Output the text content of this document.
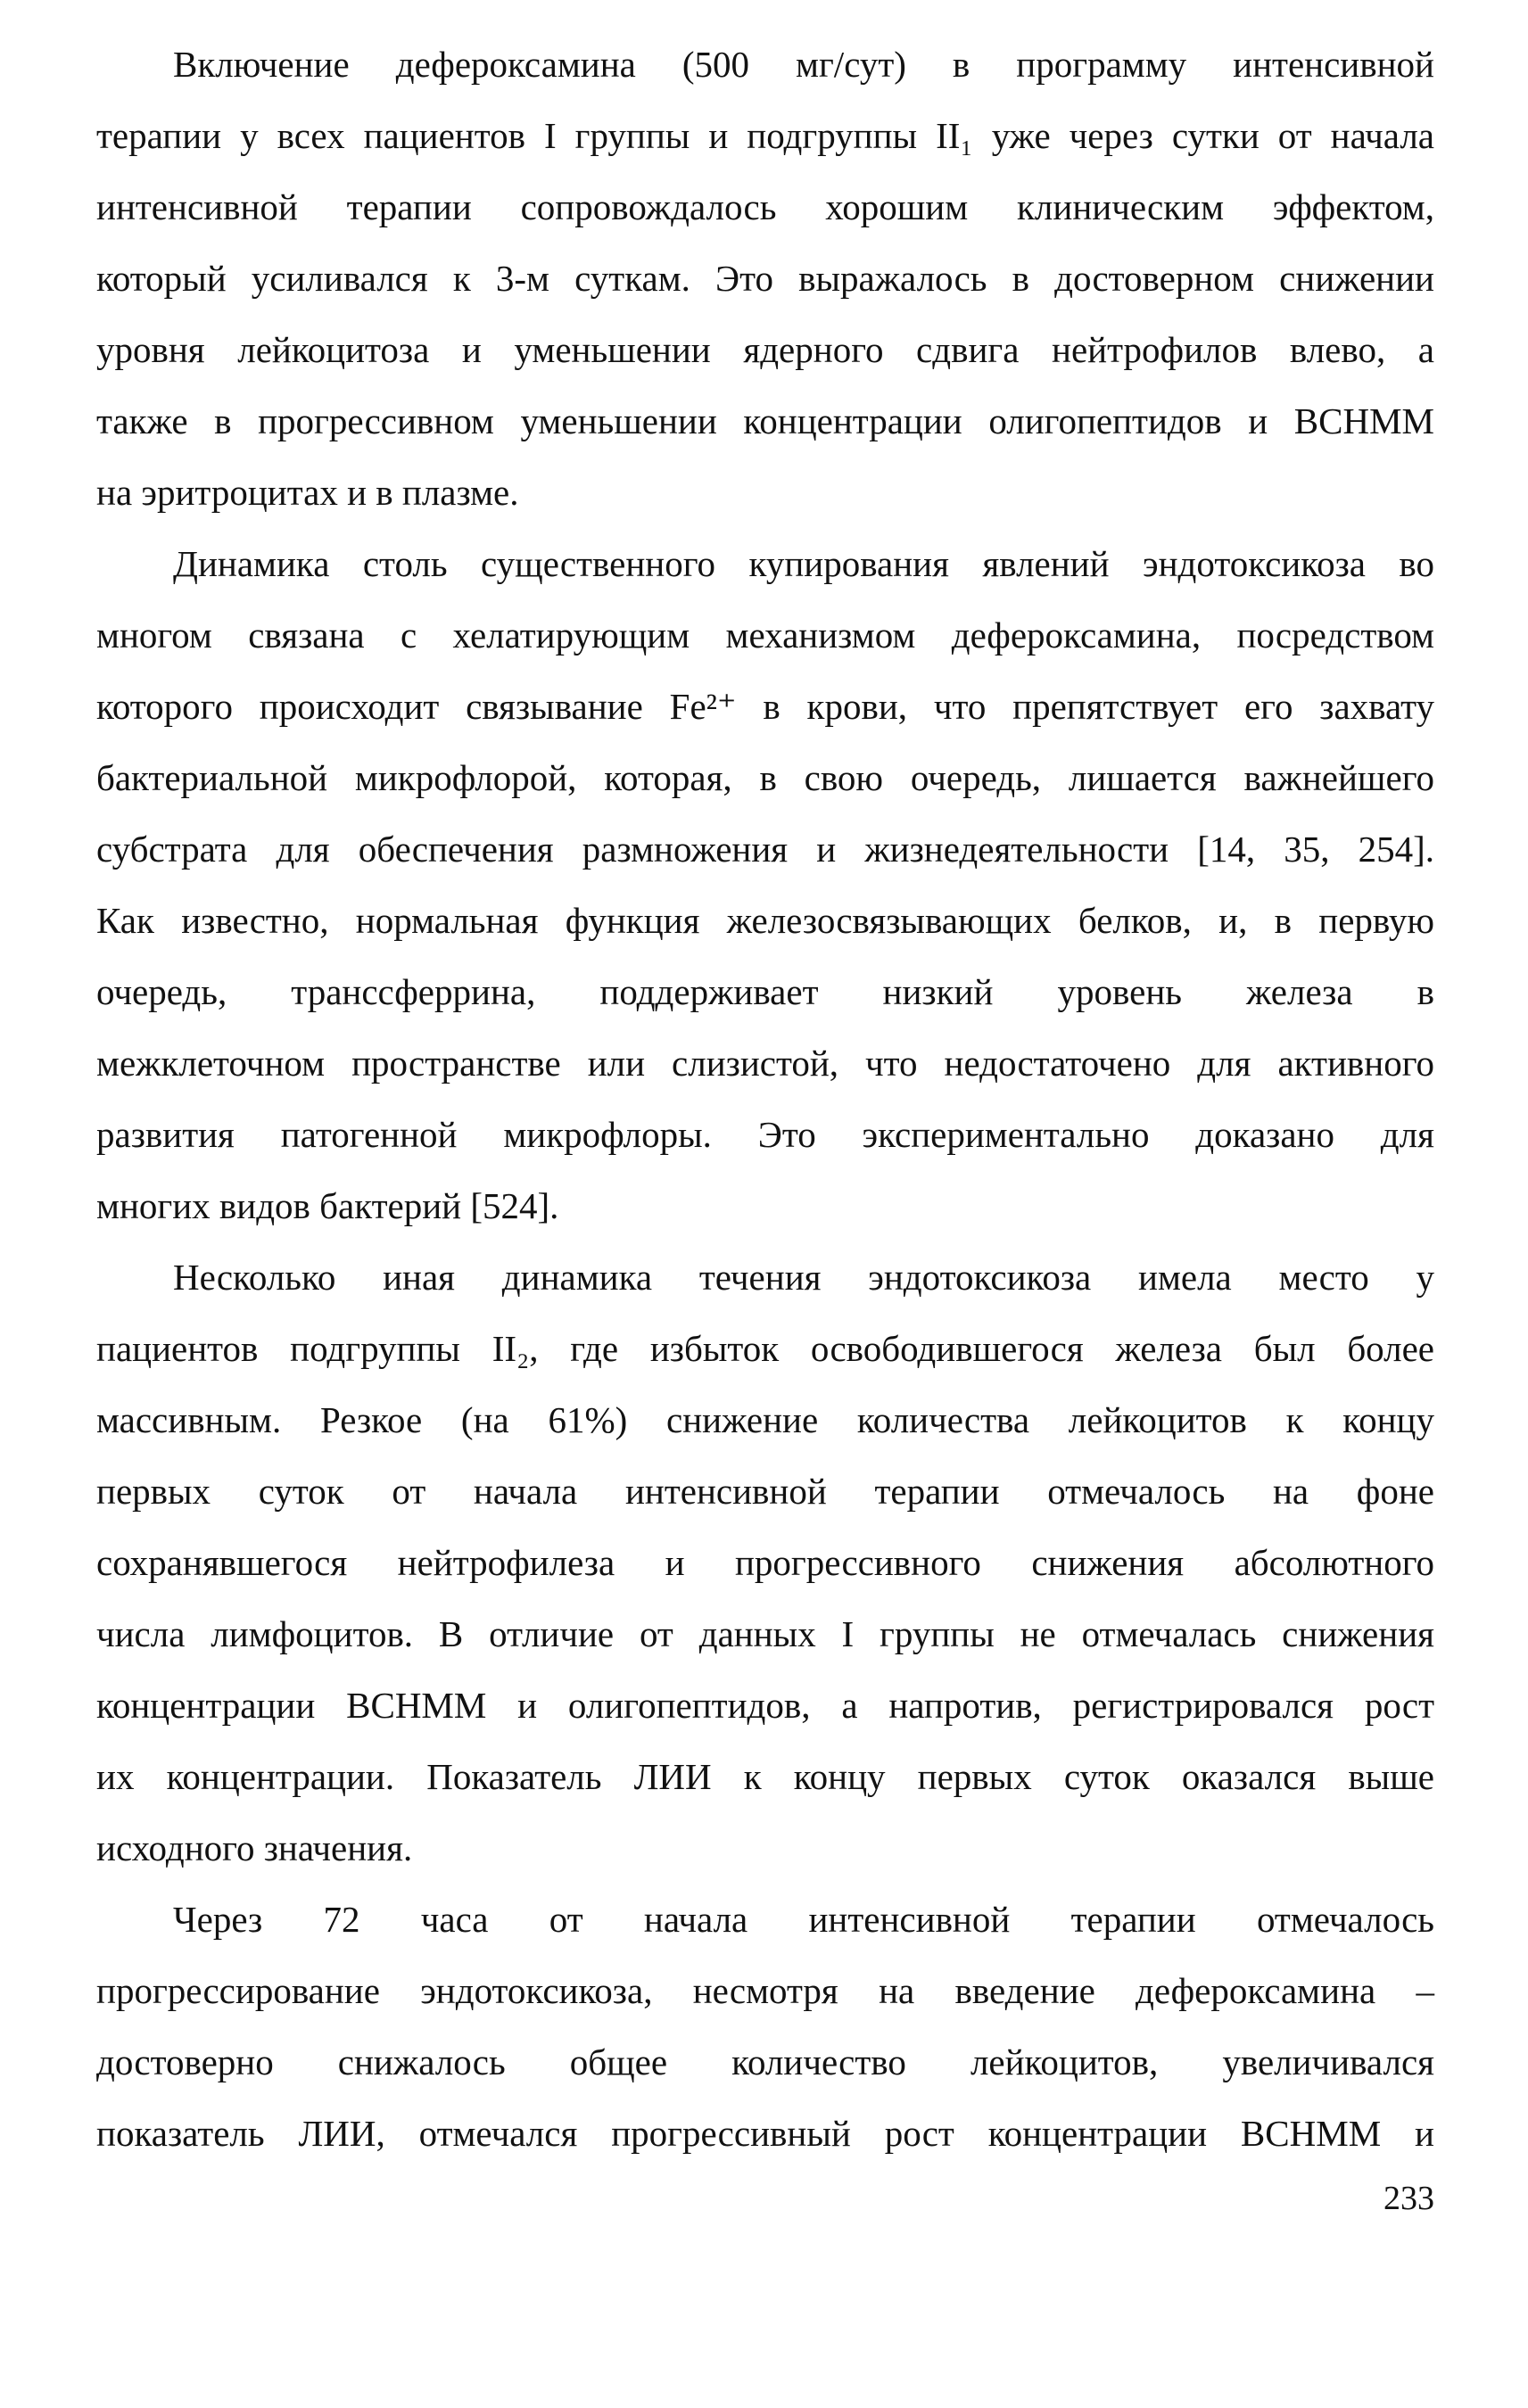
Включение дефероксамина (500 мг/сут) в программу интенсивной
терапии у всех пациентов I группы и подгруппы II₁ уже через сутки от начала
интенсивной терапии сопровождалось хорошим клиническим эффектом,
который усиливался к 3-м суткам. Это выражалось в достоверном снижении
уровня лейкоцитоза и уменьшении ядерного сдвига нейтрофилов влево, а
также в прогрессивном уменьшении концентрации олигопептидов и ВСНММ
на эритроцитах и в плазме.
Динамика столь существенного купирования явлений эндотоксикоза во
многом связана с хелатирующим механизмом дефероксамина, посредством
которого происходит связывание Fe²⁺ в крови, что препятствует его захвату
бактериальной микрофлорой, которая, в свою очередь, лишается важнейшего
субстрата для обеспечения размножения и жизнедеятельности [14, 35, 254].
Как известно, нормальная функция железосвязывающих белков, и, в первую
очередь, транссферрина, поддерживает низкий уровень железа в
межклеточном пространстве или слизистой, что недостаточено для активного
развития патогенной микрофлоры. Это экспериментально доказано для
многих видов бактерий [524].
Несколько иная динамика течения эндотоксикоза имела место у
пациентов подгруппы II₂, где избыток освободившегося железа был более
массивным. Резкое (на 61%) снижение количества лейкоцитов к концу
первых суток от начала интенсивной терапии отмечалось на фоне
сохранявшегося нейтрофилеза и прогрессивного снижения абсолютного
числа лимфоцитов. В отличие от данных I группы не отмечалась снижения
концентрации ВСНММ и олигопептидов, а напротив, регистрировался рост
их концентрации. Показатель ЛИИ к концу первых суток оказался выше
исходного значения.
Через 72 часа от начала интенсивной терапии отмечалось
прогрессирование эндотоксикоза, несмотря на введение дефероксамина –
достоверно снижалось общее количество лейкоцитов, увеличивался
показатель ЛИИ, отмечался прогрессивный рост концентрации ВСНММ и
233
